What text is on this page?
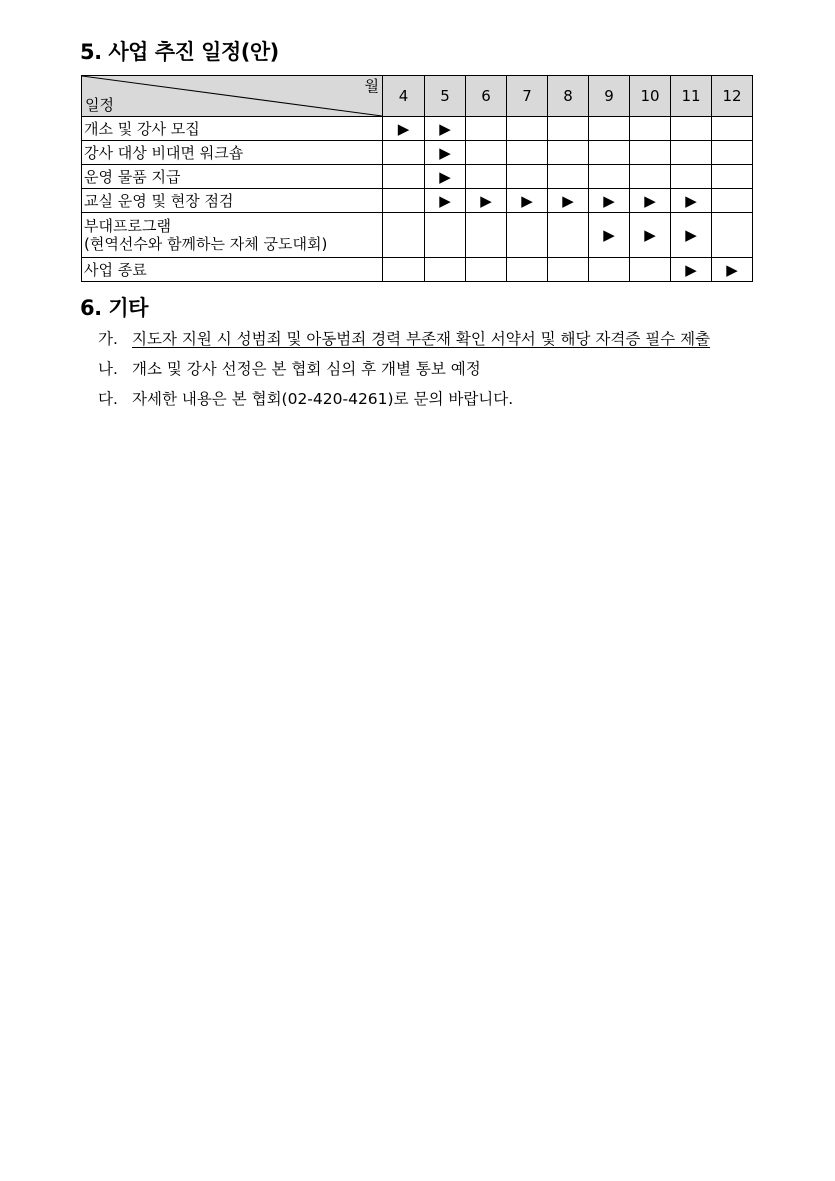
5. 사업 추진 일정(안)
월
일정	4	5	6	7	8	9	10	11	12
개소 및 강사 모집	▶	▶							
강사 대상 비대면 워크숍		▶							
운영 물품 지급		▶							
교실 운영 및 현장 점검		▶	▶	▶	▶	▶	▶	▶	
부대프로그램
(현역선수와 함께하는 자체 궁도대회)						▶	▶	▶	
사업 종료								▶	▶
6. 기타
가. 지도자 지원 시 성범죄 및 아동범죄 경력 부존재 확인 서약서 및 해당 자격증 필수 제출
나. 개소 및 강사 선정은 본 협회 심의 후 개별 통보 예정
다. 자세한 내용은 본 협회(02-420-4261)로 문의 바랍니다.
